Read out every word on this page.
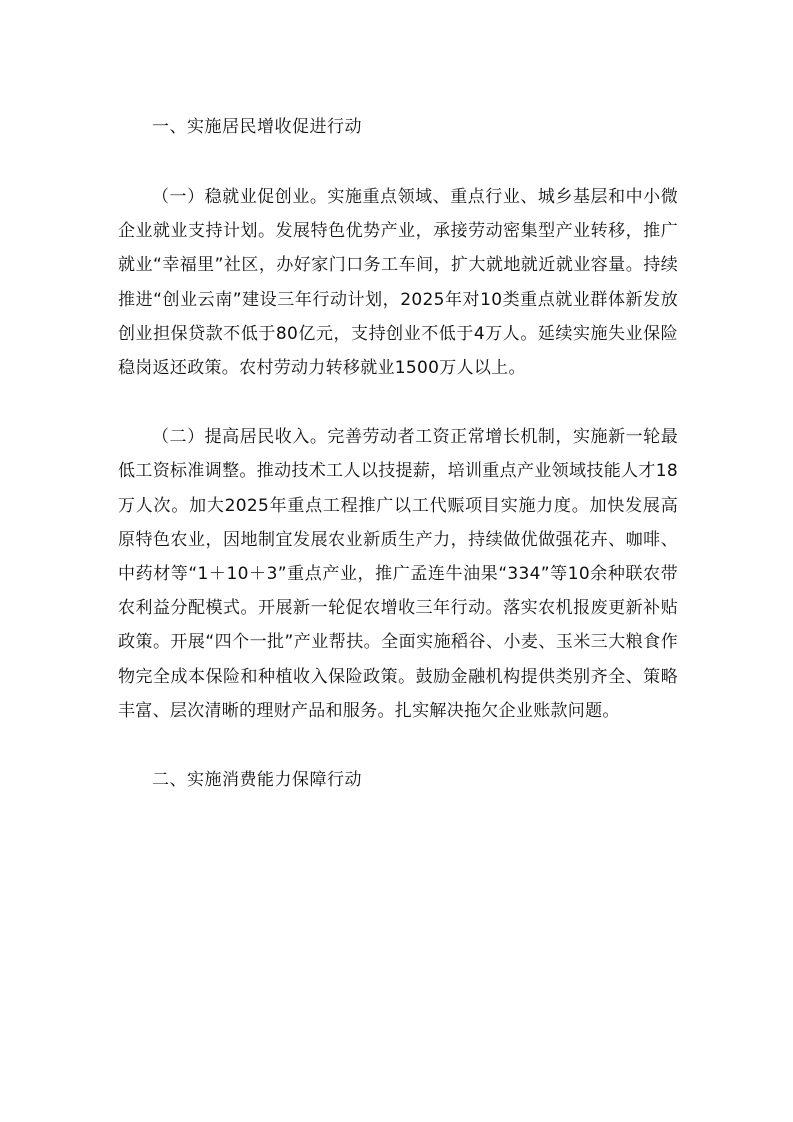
一、实施居民增收促进行动

（一）稳就业促创业。实施重点领域、重点行业、城乡基层和中小微企业就业支持计划。发展特色优势产业，承接劳动密集型产业转移，推广就业“幸福里”社区，办好家门口务工车间，扩大就地就近就业容量。持续推进“创业云南”建设三年行动计划，2025年对10类重点就业群体新发放创业担保贷款不低于80亿元，支持创业不低于4万人。延续实施失业保险稳岗返还政策。农村劳动力转移就业1500万人以上。

（二）提高居民收入。完善劳动者工资正常增长机制，实施新一轮最低工资标准调整。推动技术工人以技提薪，培训重点产业领域技能人才18万人次。加大2025年重点工程推广以工代赈项目实施力度。加快发展高原特色农业，因地制宜发展农业新质生产力，持续做优做强花卉、咖啡、中药材等“1＋10＋3”重点产业，推广孟连牛油果“334”等10余种联农带农利益分配模式。开展新一轮促农增收三年行动。落实农机报废更新补贴政策。开展“四个一批”产业帮扶。全面实施稻谷、小麦、玉米三大粮食作物完全成本保险和种植收入保险政策。鼓励金融机构提供类别齐全、策略丰富、层次清晰的理财产品和服务。扎实解决拖欠企业账款问题。

二、实施消费能力保障行动
